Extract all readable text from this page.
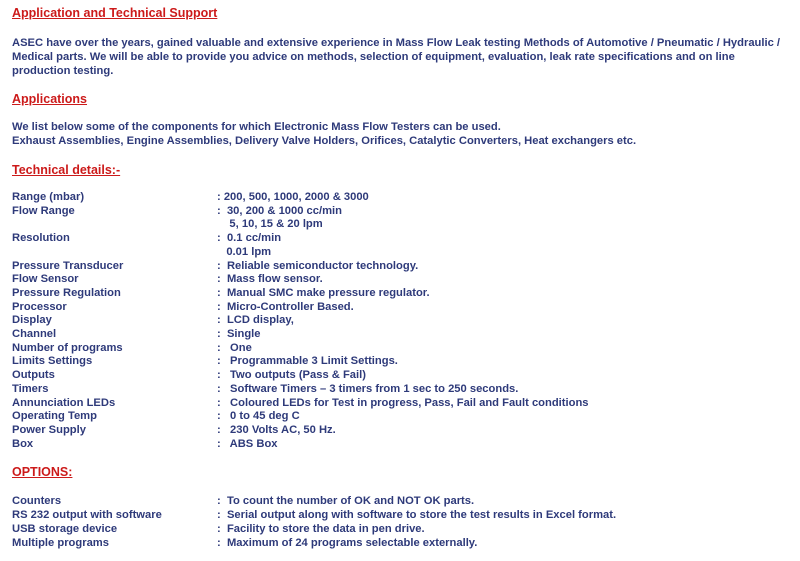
Application and Technical Support
ASEC have over the years, gained valuable and extensive experience in Mass Flow Leak testing Methods of Automotive / Pneumatic / Hydraulic / Medical parts. We will be able to provide you advice on methods, selection of equipment, evaluation, leak rate specifications and on line production testing.
Applications
We list below some of the components for which Electronic Mass Flow Testers can be used.
Exhaust Assemblies, Engine Assemblies, Delivery Valve Holders, Orifices, Catalytic Converters, Heat exchangers etc.
Technical details:-
Range (mbar)	: 200, 500, 1000, 2000 & 3000
Flow Range	:  30, 200 & 1000 cc/min
5, 10, 15 & 20 lpm
Resolution	:  0.1 cc/min
0.01 lpm
Pressure Transducer	:  Reliable semiconductor technology.
Flow Sensor	:  Mass flow sensor.
Pressure Regulation	:  Manual SMC make pressure regulator.
Processor	:  Micro-Controller Based.
Display	:  LCD display,
Channel	:  Single
Number of programs	:   One
Limits Settings	:   Programmable 3 Limit Settings.
Outputs	:   Two outputs (Pass & Fail)
Timers	:   Software Timers – 3 timers from 1 sec to 250 seconds.
Annunciation LEDs	:   Coloured LEDs for Test in progress, Pass, Fail and Fault conditions
Operating Temp	:   0 to 45 deg C
Power Supply	:   230 Volts AC, 50 Hz.
Box	:   ABS Box
OPTIONS:
Counters	:  To count the number of OK and NOT OK parts.
RS 232 output with software	:  Serial output along with software to store the test results in Excel format.
USB storage device	:  Facility to store the data in pen drive.
Multiple programs	:  Maximum of 24 programs selectable externally.
